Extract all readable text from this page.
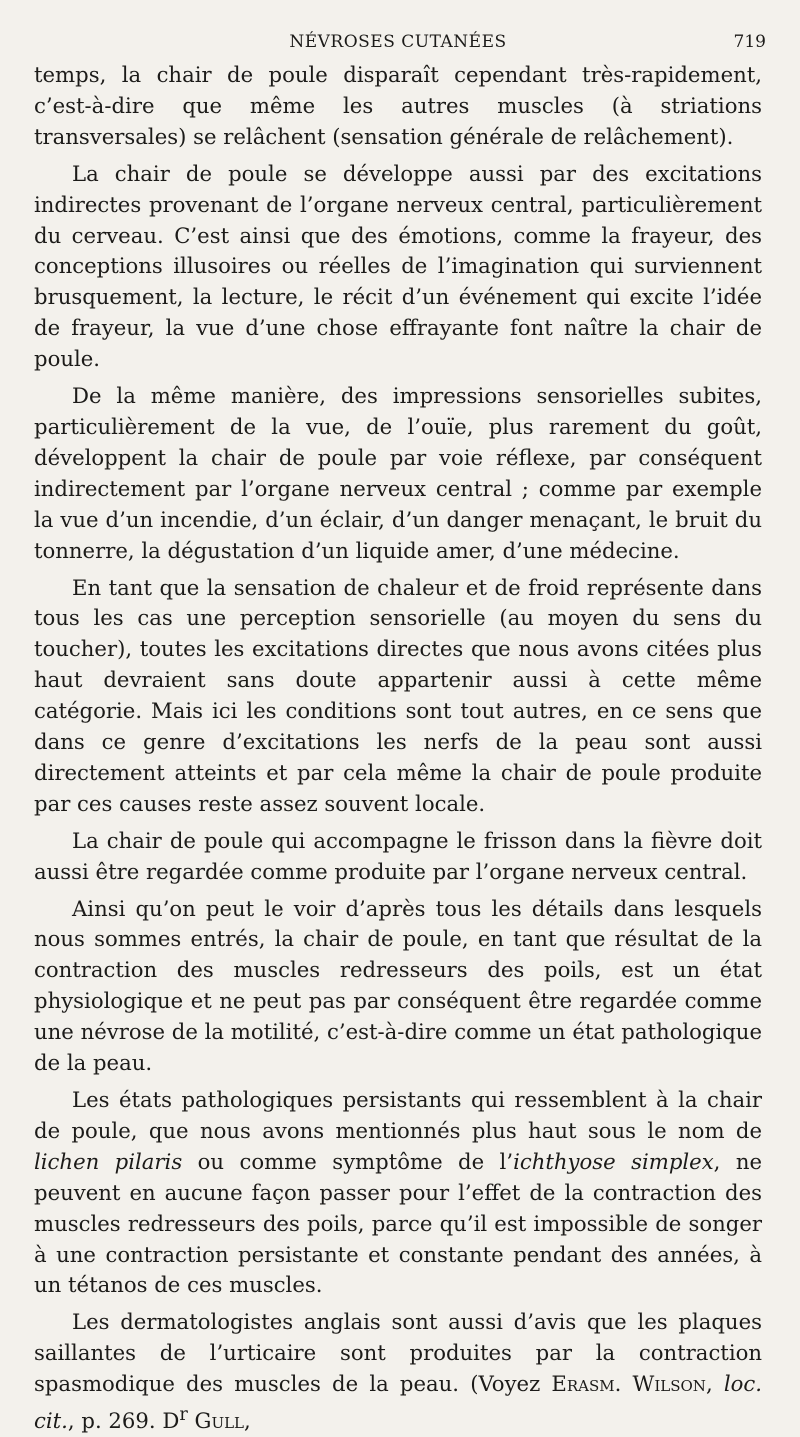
NÉVROSES CUTANÉES	719

temps, la chair de poule disparaît cependant très-rapidement, c’est-à-dire que même les autres muscles (à striations transversales) se relâchent (sensation générale de relâchement).

La chair de poule se développe aussi par des excitations indirectes provenant de l’organe nerveux central, particulièrement du cerveau. C’est ainsi que des émotions, comme la frayeur, des conceptions illusoires ou réelles de l’imagination qui surviennent brusquement, la lecture, le récit d’un événement qui excite l’idée de frayeur, la vue d’une chose effrayante font naître la chair de poule.

De la même manière, des impressions sensorielles subites, particulièrement de la vue, de l’ouïe, plus rarement du goût, développent la chair de poule par voie réflexe, par conséquent indirectement par l’organe nerveux central ; comme par exemple la vue d’un incendie, d’un éclair, d’un danger menaçant, le bruit du tonnerre, la dégustation d’un liquide amer, d’une médecine.

En tant que la sensation de chaleur et de froid représente dans tous les cas une perception sensorielle (au moyen du sens du toucher), toutes les excitations directes que nous avons citées plus haut devraient sans doute appartenir aussi à cette même catégorie. Mais ici les conditions sont tout autres, en ce sens que dans ce genre d’excitations les nerfs de la peau sont aussi directement atteints et par cela même la chair de poule produite par ces causes reste assez souvent locale.

La chair de poule qui accompagne le frisson dans la fièvre doit aussi être regardée comme produite par l’organe nerveux central.

Ainsi qu’on peut le voir d’après tous les détails dans lesquels nous sommes entrés, la chair de poule, en tant que résultat de la contraction des muscles redresseurs des poils, est un état physiologique et ne peut pas par conséquent être regardée comme une névrose de la motilité, c’est-à-dire comme un état pathologique de la peau.

Les états pathologiques persistants qui ressemblent à la chair de poule, que nous avons mentionnés plus haut sous le nom de lichen pilaris ou comme symptôme de l’ichthyose simplex, ne peuvent en aucune façon passer pour l’effet de la contraction des muscles redresseurs des poils, parce qu’il est impossible de songer à une contraction persistante et constante pendant des années, à un tétanos de ces muscles.

Les dermatologistes anglais sont aussi d’avis que les plaques saillantes de l’urticaire sont produites par la contraction spasmodique des muscles de la peau. (Voyez Erasm. Wilson, loc. cit., p. 269. $D^r$ Gull,
